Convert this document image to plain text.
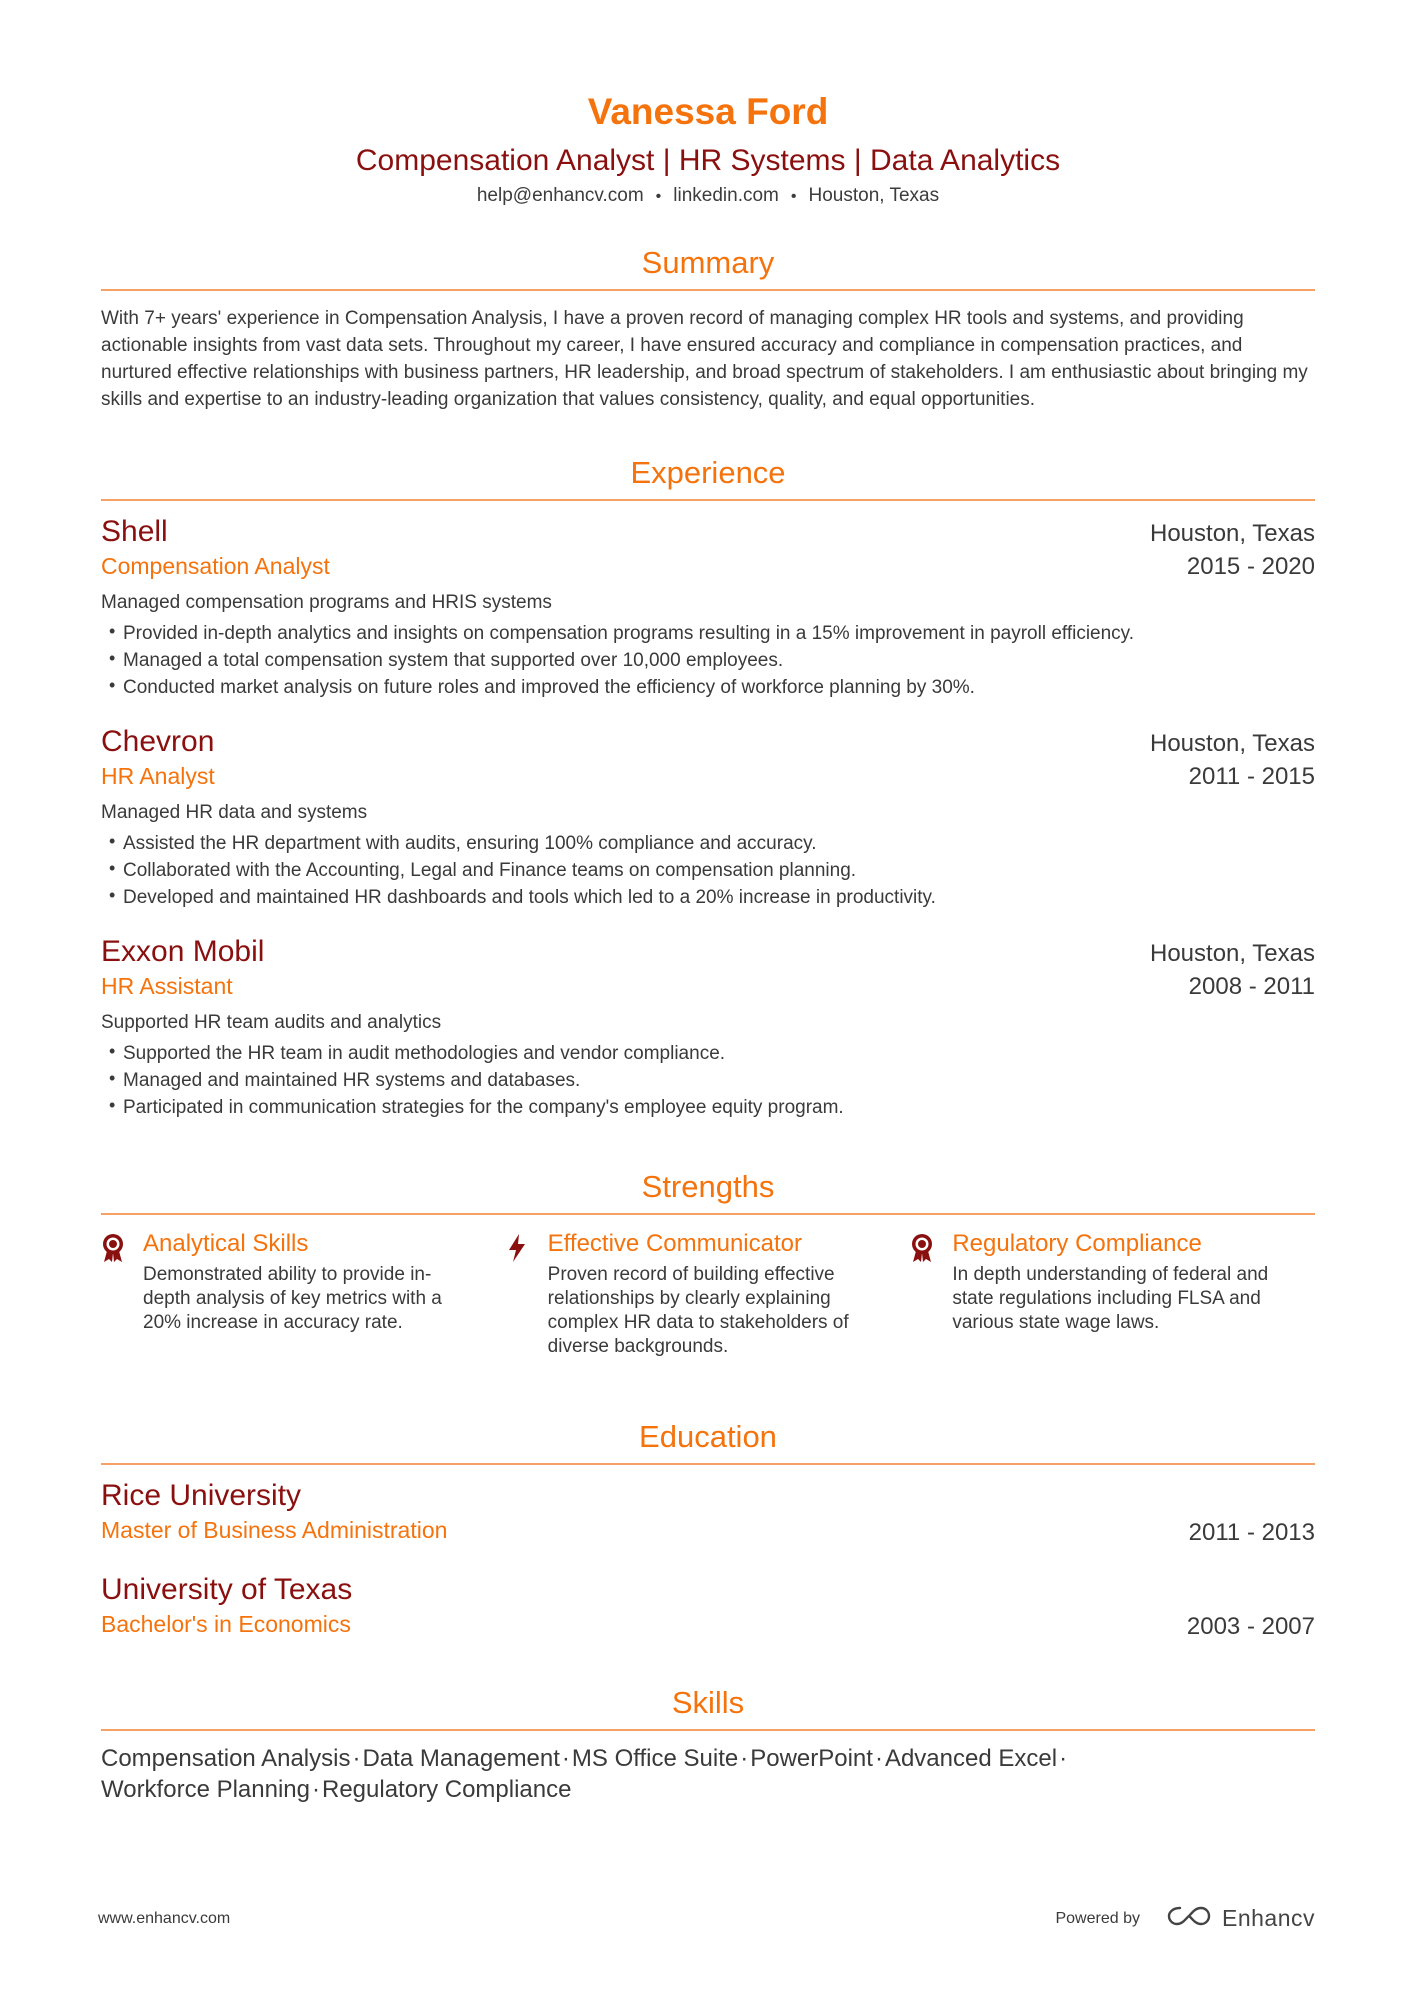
Vanessa Ford
Compensation Analyst | HR Systems | Data Analytics
help@enhancv.com • linkedin.com • Houston, Texas
Summary
With 7+ years' experience in Compensation Analysis, I have a proven record of managing complex HR tools and systems, and providing actionable insights from vast data sets. Throughout my career, I have ensured accuracy and compliance in compensation practices, and nurtured effective relationships with business partners, HR leadership, and broad spectrum of stakeholders. I am enthusiastic about bringing my skills and expertise to an industry-leading organization that values consistency, quality, and equal opportunities.
Experience
Shell	Houston, Texas
Compensation Analyst	2015 - 2020
Managed compensation programs and HRIS systems
• Provided in-depth analytics and insights on compensation programs resulting in a 15% improvement in payroll efficiency.
• Managed a total compensation system that supported over 10,000 employees.
• Conducted market analysis on future roles and improved the efficiency of workforce planning by 30%.
Chevron	Houston, Texas
HR Analyst	2011 - 2015
Managed HR data and systems
• Assisted the HR department with audits, ensuring 100% compliance and accuracy.
• Collaborated with the Accounting, Legal and Finance teams on compensation planning.
• Developed and maintained HR dashboards and tools which led to a 20% increase in productivity.
Exxon Mobil	Houston, Texas
HR Assistant	2008 - 2011
Supported HR team audits and analytics
• Supported the HR team in audit methodologies and vendor compliance.
• Managed and maintained HR systems and databases.
• Participated in communication strategies for the company's employee equity program.
Strengths
Analytical Skills
Demonstrated ability to provide in-depth analysis of key metrics with a 20% increase in accuracy rate.
Effective Communicator
Proven record of building effective relationships by clearly explaining complex HR data to stakeholders of diverse backgrounds.
Regulatory Compliance
In depth understanding of federal and state regulations including FLSA and various state wage laws.
Education
Rice University
Master of Business Administration	2011 - 2013
University of Texas
Bachelor's in Economics	2003 - 2007
Skills
Compensation Analysis·Data Management·MS Office Suite·PowerPoint·Advanced Excel·
Workforce Planning·Regulatory Compliance
www.enhancv.com	Powered by	Enhancv
